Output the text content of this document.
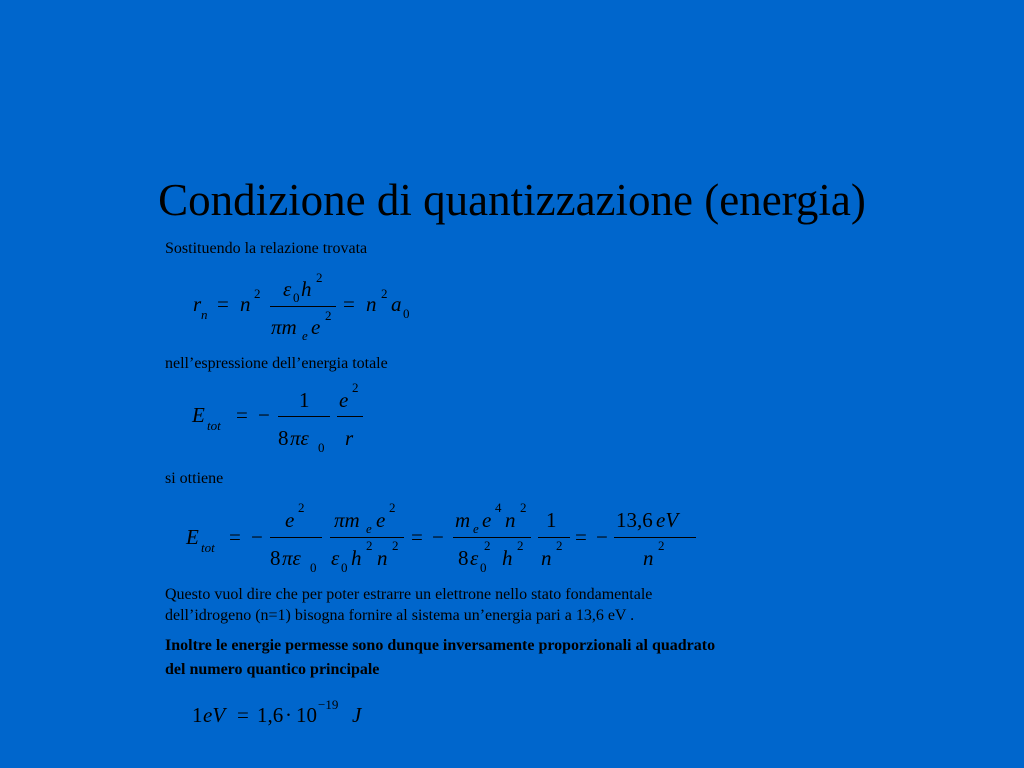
Condizione di quantizzazione (energia)
Sostituendo la relazione trovata
r n = n 2 ε 0 h 2
πm e e 2 = n 2 a 0
nell’espressione dell’energia totale
E tot = −
1
8 πε 0
e
2
r
si ottiene
E tot = −
e
2
8 πε 0
πm e e
2
ε 0 h
2
n
2 = −
m e e
4
n
2
8 ε
2
0 h
2
1
n
2 = −
13,6 eV
n
2
Questo vuol dire che per poter estrarre un elettrone nello stato fondamentale
dell’idrogeno (n=1) bisogna fornire al sistema un’energia pari a 13,6 eV .
Inoltre le energie permesse sono dunque inversamente proporzionali al quadrato
del numero quantico principale
1 eV = 1,6 · 10 −19 J
